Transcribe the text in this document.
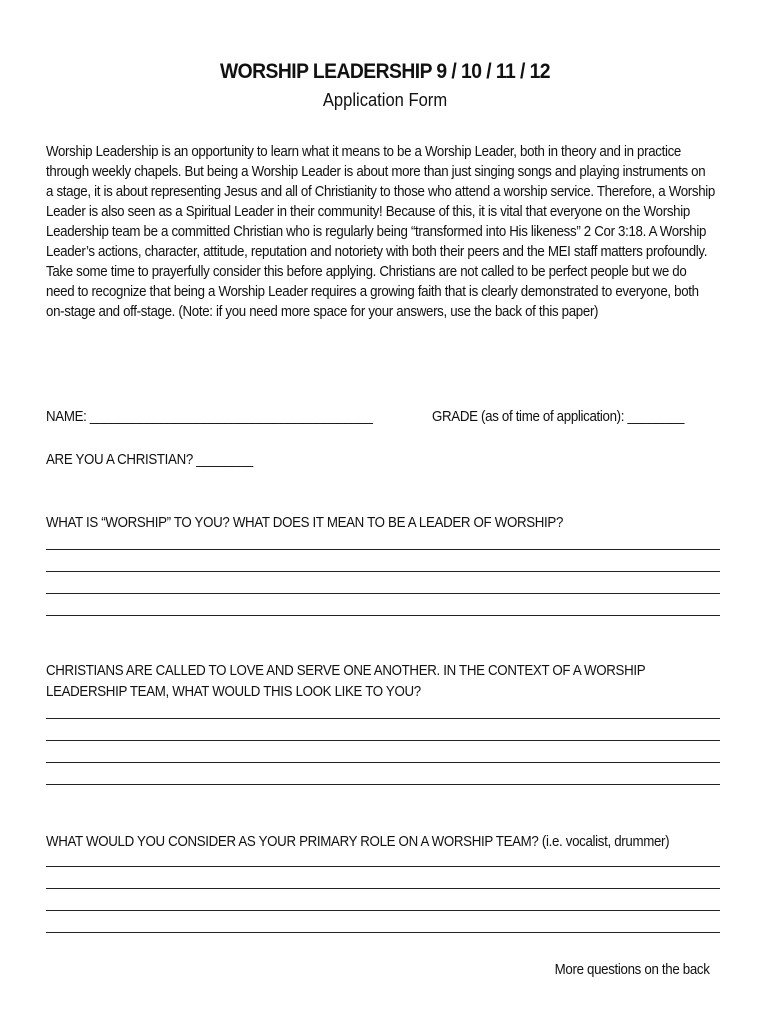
WORSHIP LEADERSHIP 9 / 10 / 11 / 12
Application Form
Worship Leadership is an opportunity to learn what it means to be a Worship Leader, both in theory and in practice through weekly chapels. But being a Worship Leader is about more than just singing songs and playing instruments on a stage, it is about representing Jesus and all of Christianity to those who attend a worship service. Therefore, a Worship Leader is also seen as a Spiritual Leader in their community! Because of this, it is vital that everyone on the Worship Leadership team be a committed Christian who is regularly being “transformed into His likeness” 2 Cor 3:18. A Worship Leader’s actions, character, attitude, reputation and notoriety with both their peers and the MEI staff matters profoundly. Take some time to prayerfully consider this before applying. Christians are not called to be perfect people but we do need to recognize that being a Worship Leader requires a growing faith that is clearly demonstrated to everyone, both on-stage and off-stage. (Note: if you need more space for your answers, use the back of this paper)
NAME: ________________________________________	GRADE (as of time of application): ________
ARE YOU A CHRISTIAN? ________
WHAT IS “WORSHIP” TO YOU? WHAT DOES IT MEAN TO BE A LEADER OF WORSHIP?
CHRISTIANS ARE CALLED TO LOVE AND SERVE ONE ANOTHER. IN THE CONTEXT OF A WORSHIP LEADERSHIP TEAM, WHAT WOULD THIS LOOK LIKE TO YOU?
WHAT WOULD YOU CONSIDER AS YOUR PRIMARY ROLE ON A WORSHIP TEAM? (i.e. vocalist, drummer)
More questions on the back
